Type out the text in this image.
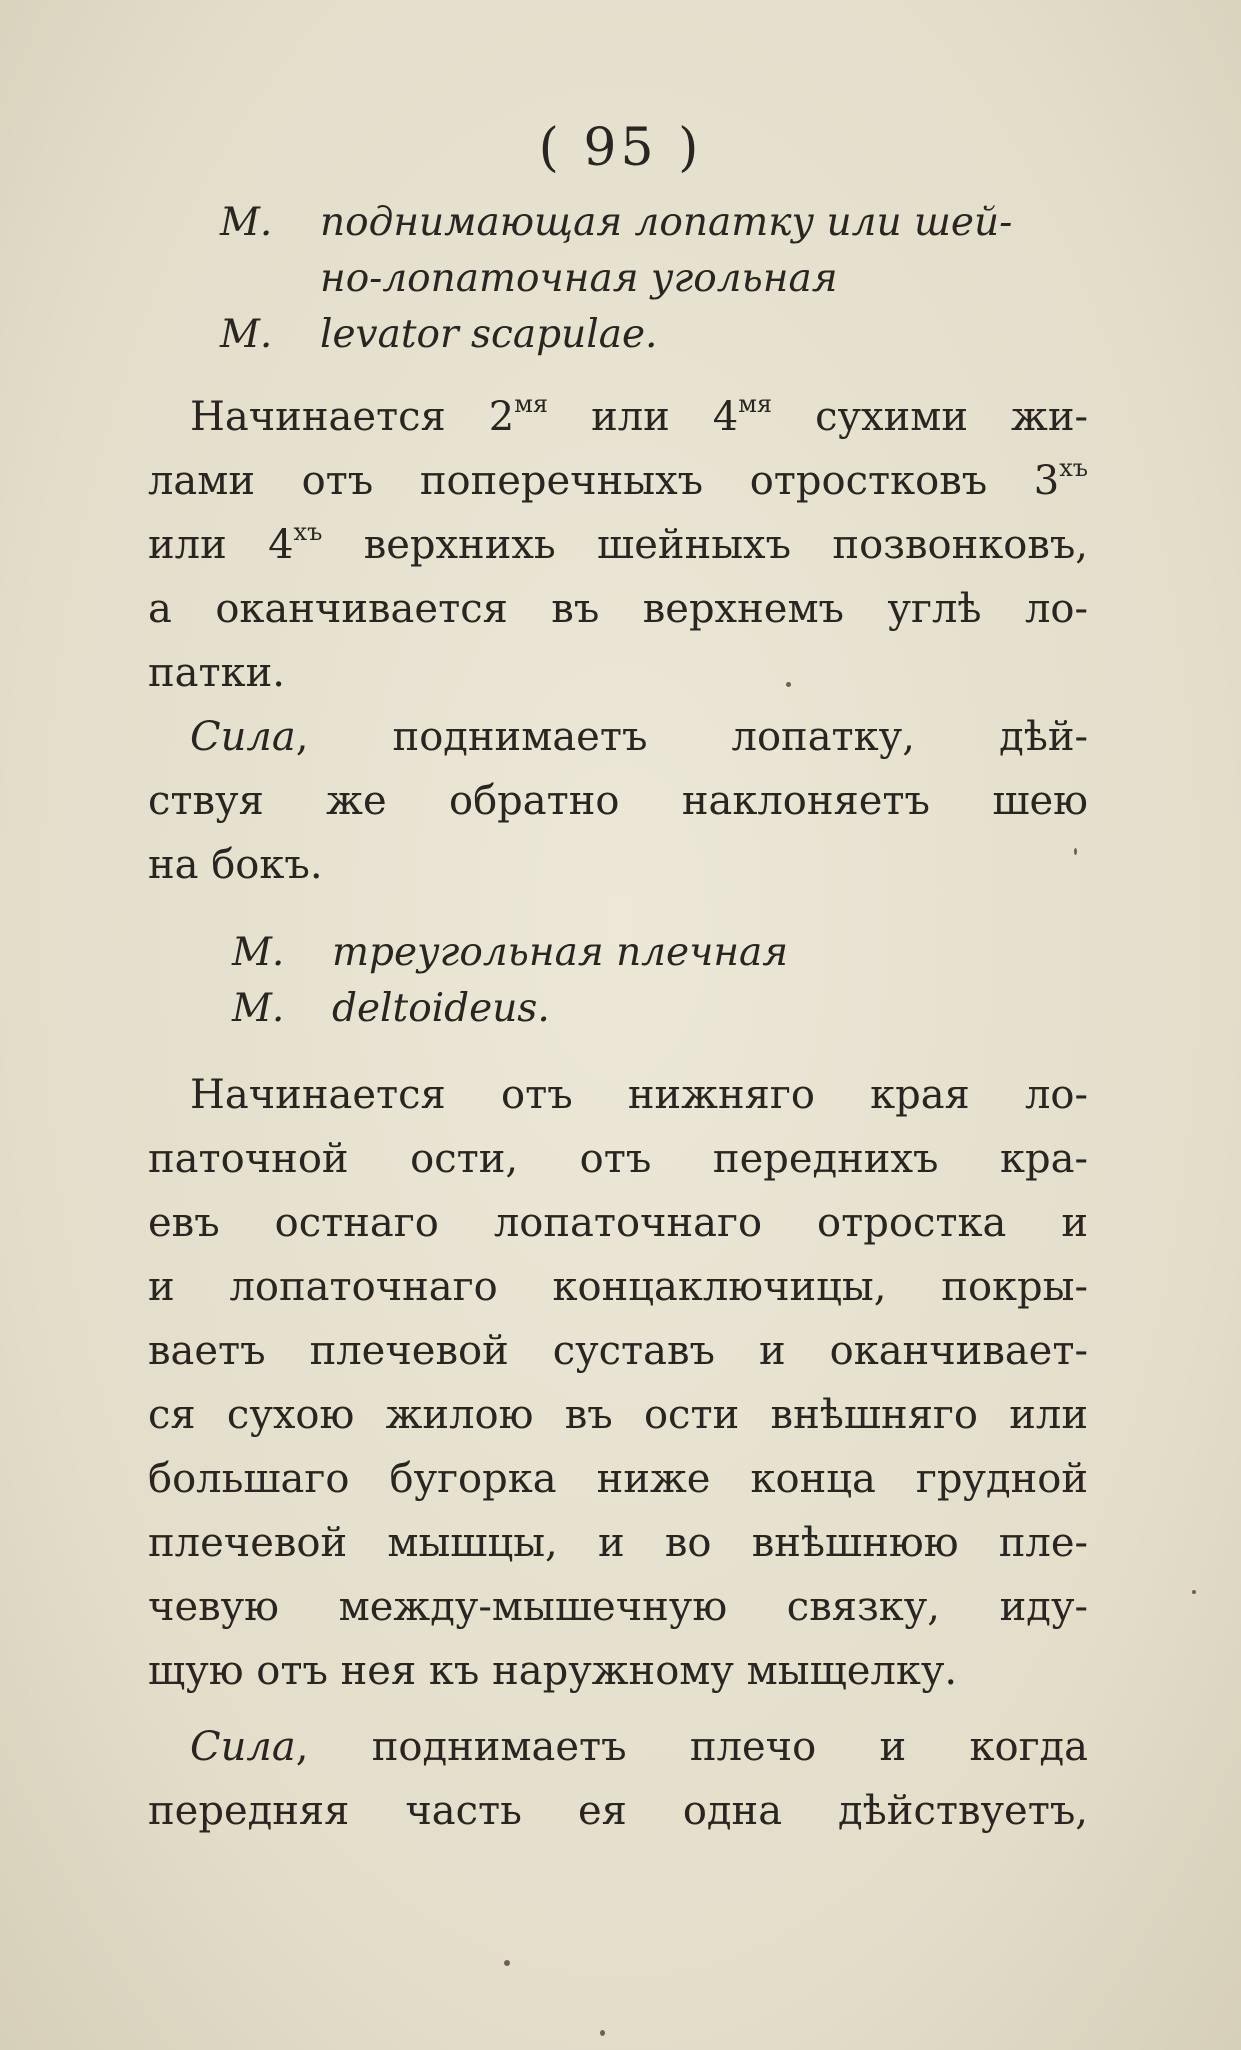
( 95 )
M. поднимающая лопатку или шей-
но-лопаточная угольная
M. levator scapulae.
Начинается $2^{мя}$ или $4^{мя}$ сухими жи-
лами отъ поперечныхъ отростковъ $3^{хъ}$
или $4^{хъ}$ верхнихь шейныхъ позвонковъ,
а оканчивается въ верхнемъ углѣ ло-
патки.
Сила, поднимаетъ лопатку, дѣй-
ствуя же обратно наклоняетъ шею
на бокъ.
M. треугольная плечная
M. deltoideus.
Начинается отъ нижняго края ло-
паточной ости, отъ переднихъ кра-
евъ остнаго лопаточнаго отростка и
и лопаточнаго концаключицы, покры-
ваетъ плечевой суставъ и оканчивает-
ся сухою жилою въ ости внѣшняго или
большаго бугорка ниже конца грудной
плечевой мышцы, и во внѣшнюю пле-
чевую между-мышечную связку, иду-
щую отъ нея къ наружному мыщелку.
Сила, поднимаетъ плечо и когда
передняя часть ея одна дѣйствуетъ,
